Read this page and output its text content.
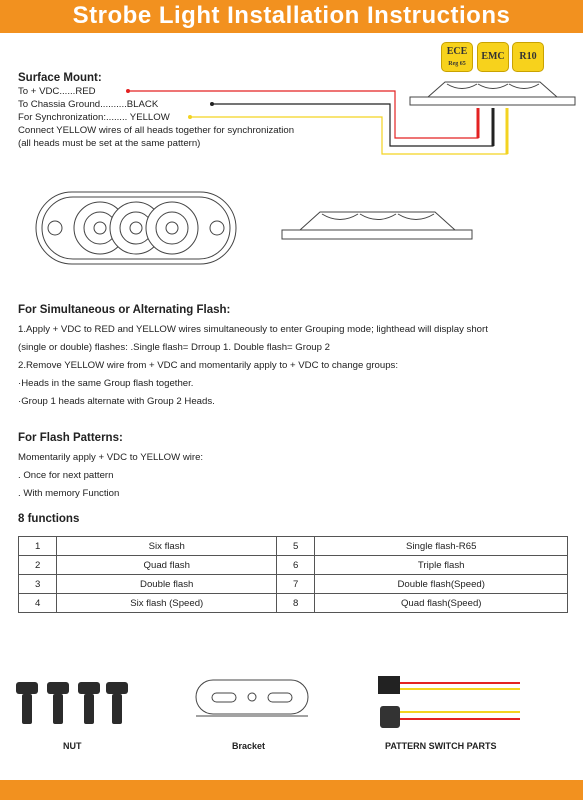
Strobe Light Installation Instructions
ECE
Reg 65
EMC	R10
Surface Mount:
To + VDC......RED
To Chassia Ground..........BLACK
For Synchronization:........ YELLOW
Connect YELLOW wires of all heads together for synchronization
(all heads must be set at the same pattern)
For Simultaneous or Alternating Flash:
1.Apply + VDC to RED and YELLOW wires simultaneously to enter Grouping mode; lighthead will display short
(single or double) flashes: .Single flash= Drroup 1. Double flash= Group 2
2.Remove YELLOW wire from + VDC and momentarily apply to + VDC to change groups:
·Heads in the same Group flash together.
·Group 1 heads alternate with Group 2 Heads.
For Flash Patterns:
Momentarily apply + VDC to YELLOW wire:
. Once for next pattern
. With memory Function
8 functions
1	Six flash	5	Single flash-R65
2	Quad flash	6	Triple flash
3	Double flash	7	Double flash(Speed)
4	Six flash (Speed)	8	Quad flash(Speed)
NUT	Bracket	PATTERN SWITCH PARTS
